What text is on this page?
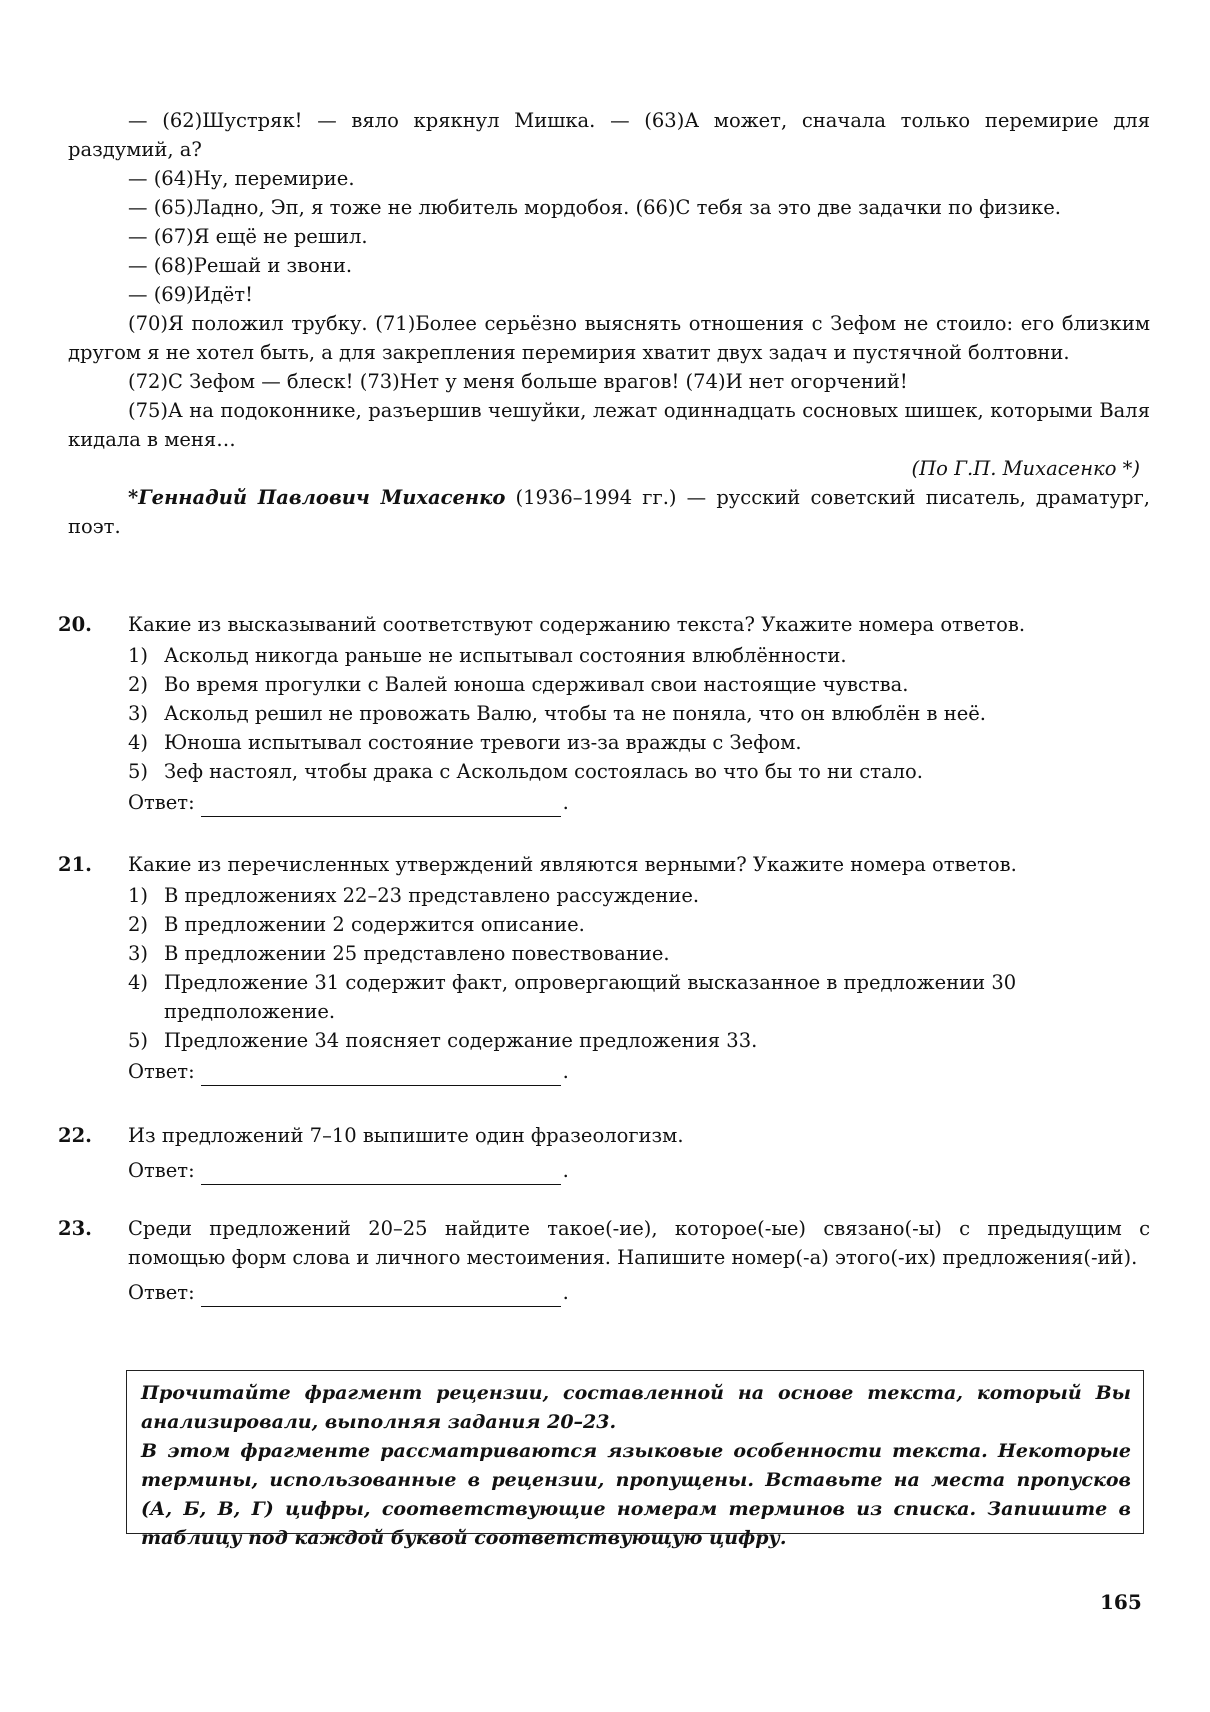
— (62)Шустряк! — вяло крякнул Мишка. — (63)А может, сначала только перемирие для раздумий, а?

— (64)Ну, перемирие.

— (65)Ладно, Эп, я тоже не любитель мордобоя. (66)С тебя за это две задачки по физике.

— (67)Я ещё не решил.

— (68)Решай и звони.

— (69)Идёт!

(70)Я положил трубку. (71)Более серьёзно выяснять отношения с Зефом не стоило: его близким другом я не хотел быть, а для закрепления перемирия хватит двух задач и пустячной болтовни.

(72)С Зефом — блеск! (73)Нет у меня больше врагов! (74)И нет огорчений!

(75)А на подоконнике, разъершив чешуйки, лежат одиннадцать сосновых шишек, которыми Валя кидала в меня…

(По Г.П. Михасенко *)

*Геннадий Павлович Михасенко (1936–1994 гг.) — русский советский писатель, драматург, поэт.

20.	Какие из высказываний соответствуют содержанию текста? Укажите номера ответов.

1) Аскольд никогда раньше не испытывал состояния влюблённости.
2) Во время прогулки с Валей юноша сдерживал свои настоящие чувства.
3) Аскольд решил не провожать Валю, чтобы та не поняла, что он влюблён в неё.
4) Юноша испытывал состояние тревоги из-за вражды с Зефом.
5) Зеф настоял, чтобы драка с Аскольдом состоялась во что бы то ни стало.
Ответ:	.
21.	Какие из перечисленных утверждений являются верными? Укажите номера ответов.

1) В предложениях 22–23 представлено рассуждение.
2) В предложении 2 содержится описание.
3) В предложении 25 представлено повествование.
4) Предложение 31 содержит факт, опровергающий высказанное в предложении 30 предположение.
5) Предложение 34 поясняет содержание предложения 33.
Ответ:	.
22.	Из предложений 7–10 выпишите один фразеологизм.

Ответ:	.
23.	Среди предложений 20–25 найдите такое(-ие), которое(-ые) связано(-ы) с предыдущим с помощью форм слова и личного местоимения. Напишите номер(-а) этого(-их) предложения(-ий).

Ответ:	.

Прочитайте фрагмент рецензии, составленной на основе текста, который Вы анализировали, выполняя задания 20–23.

В этом фрагменте рассматриваются языковые особенности текста. Некоторые термины, использованные в рецензии, пропущены. Вставьте на места пропусков (А, Б, В, Г) цифры, соответствующие номерам терминов из списка. Запишите в таблицу под каждой буквой соответствующую цифру.

165
